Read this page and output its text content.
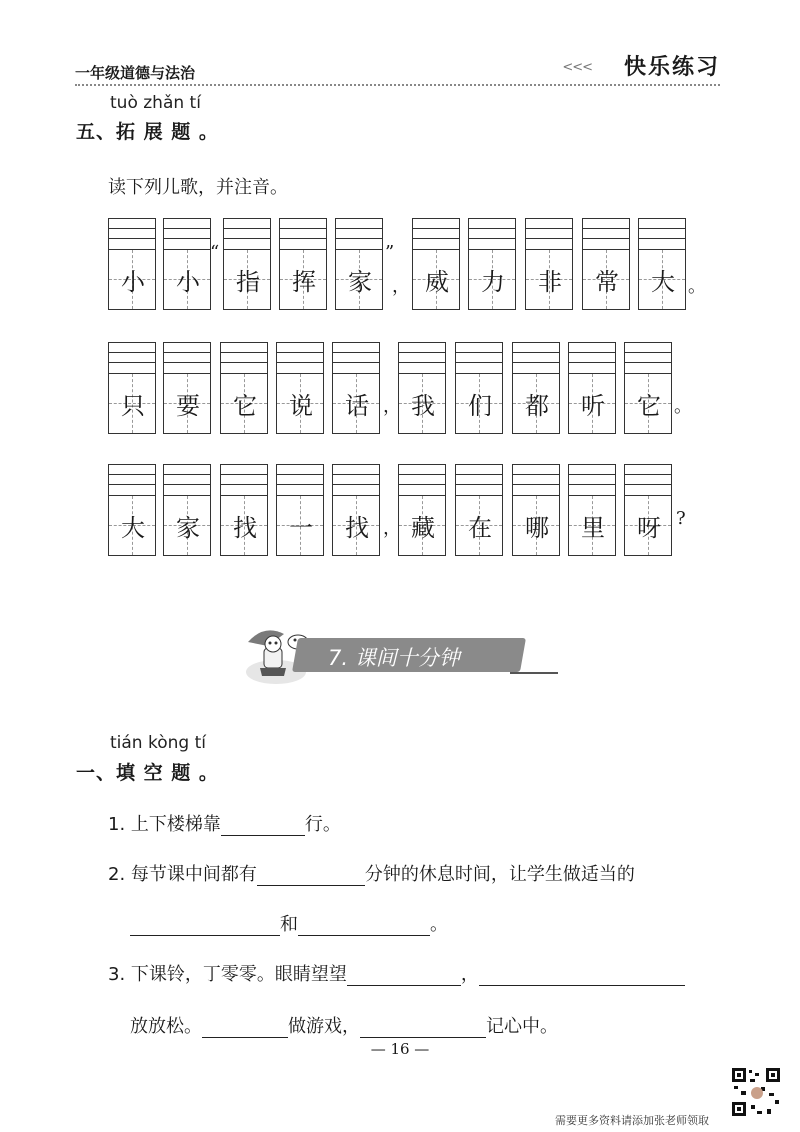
一年级道德与法治	<<< 快乐练习
tuò zhǎn tí
五、拓 展 题 。
读下列儿歌，并注音。
小	小	指	挥	家	威	力	非	常	大
只	要	它	说	话	我	们	都	听	它
大	家	找	一	找	藏	在	哪	里	呀
“	”
，	。
，	。
，	?
7. 课间十分钟
tián kòng tí
一、填 空 题 。
1. 上下楼梯靠	行。
2. 每节课中间都有	分钟的休息时间，让学生做适当的
和	。
3. 下课铃，丁零零。眼睛望望	，
放放松。	做游戏，	记心中。
— 16 —
需要更多资料请添加张老师领取
